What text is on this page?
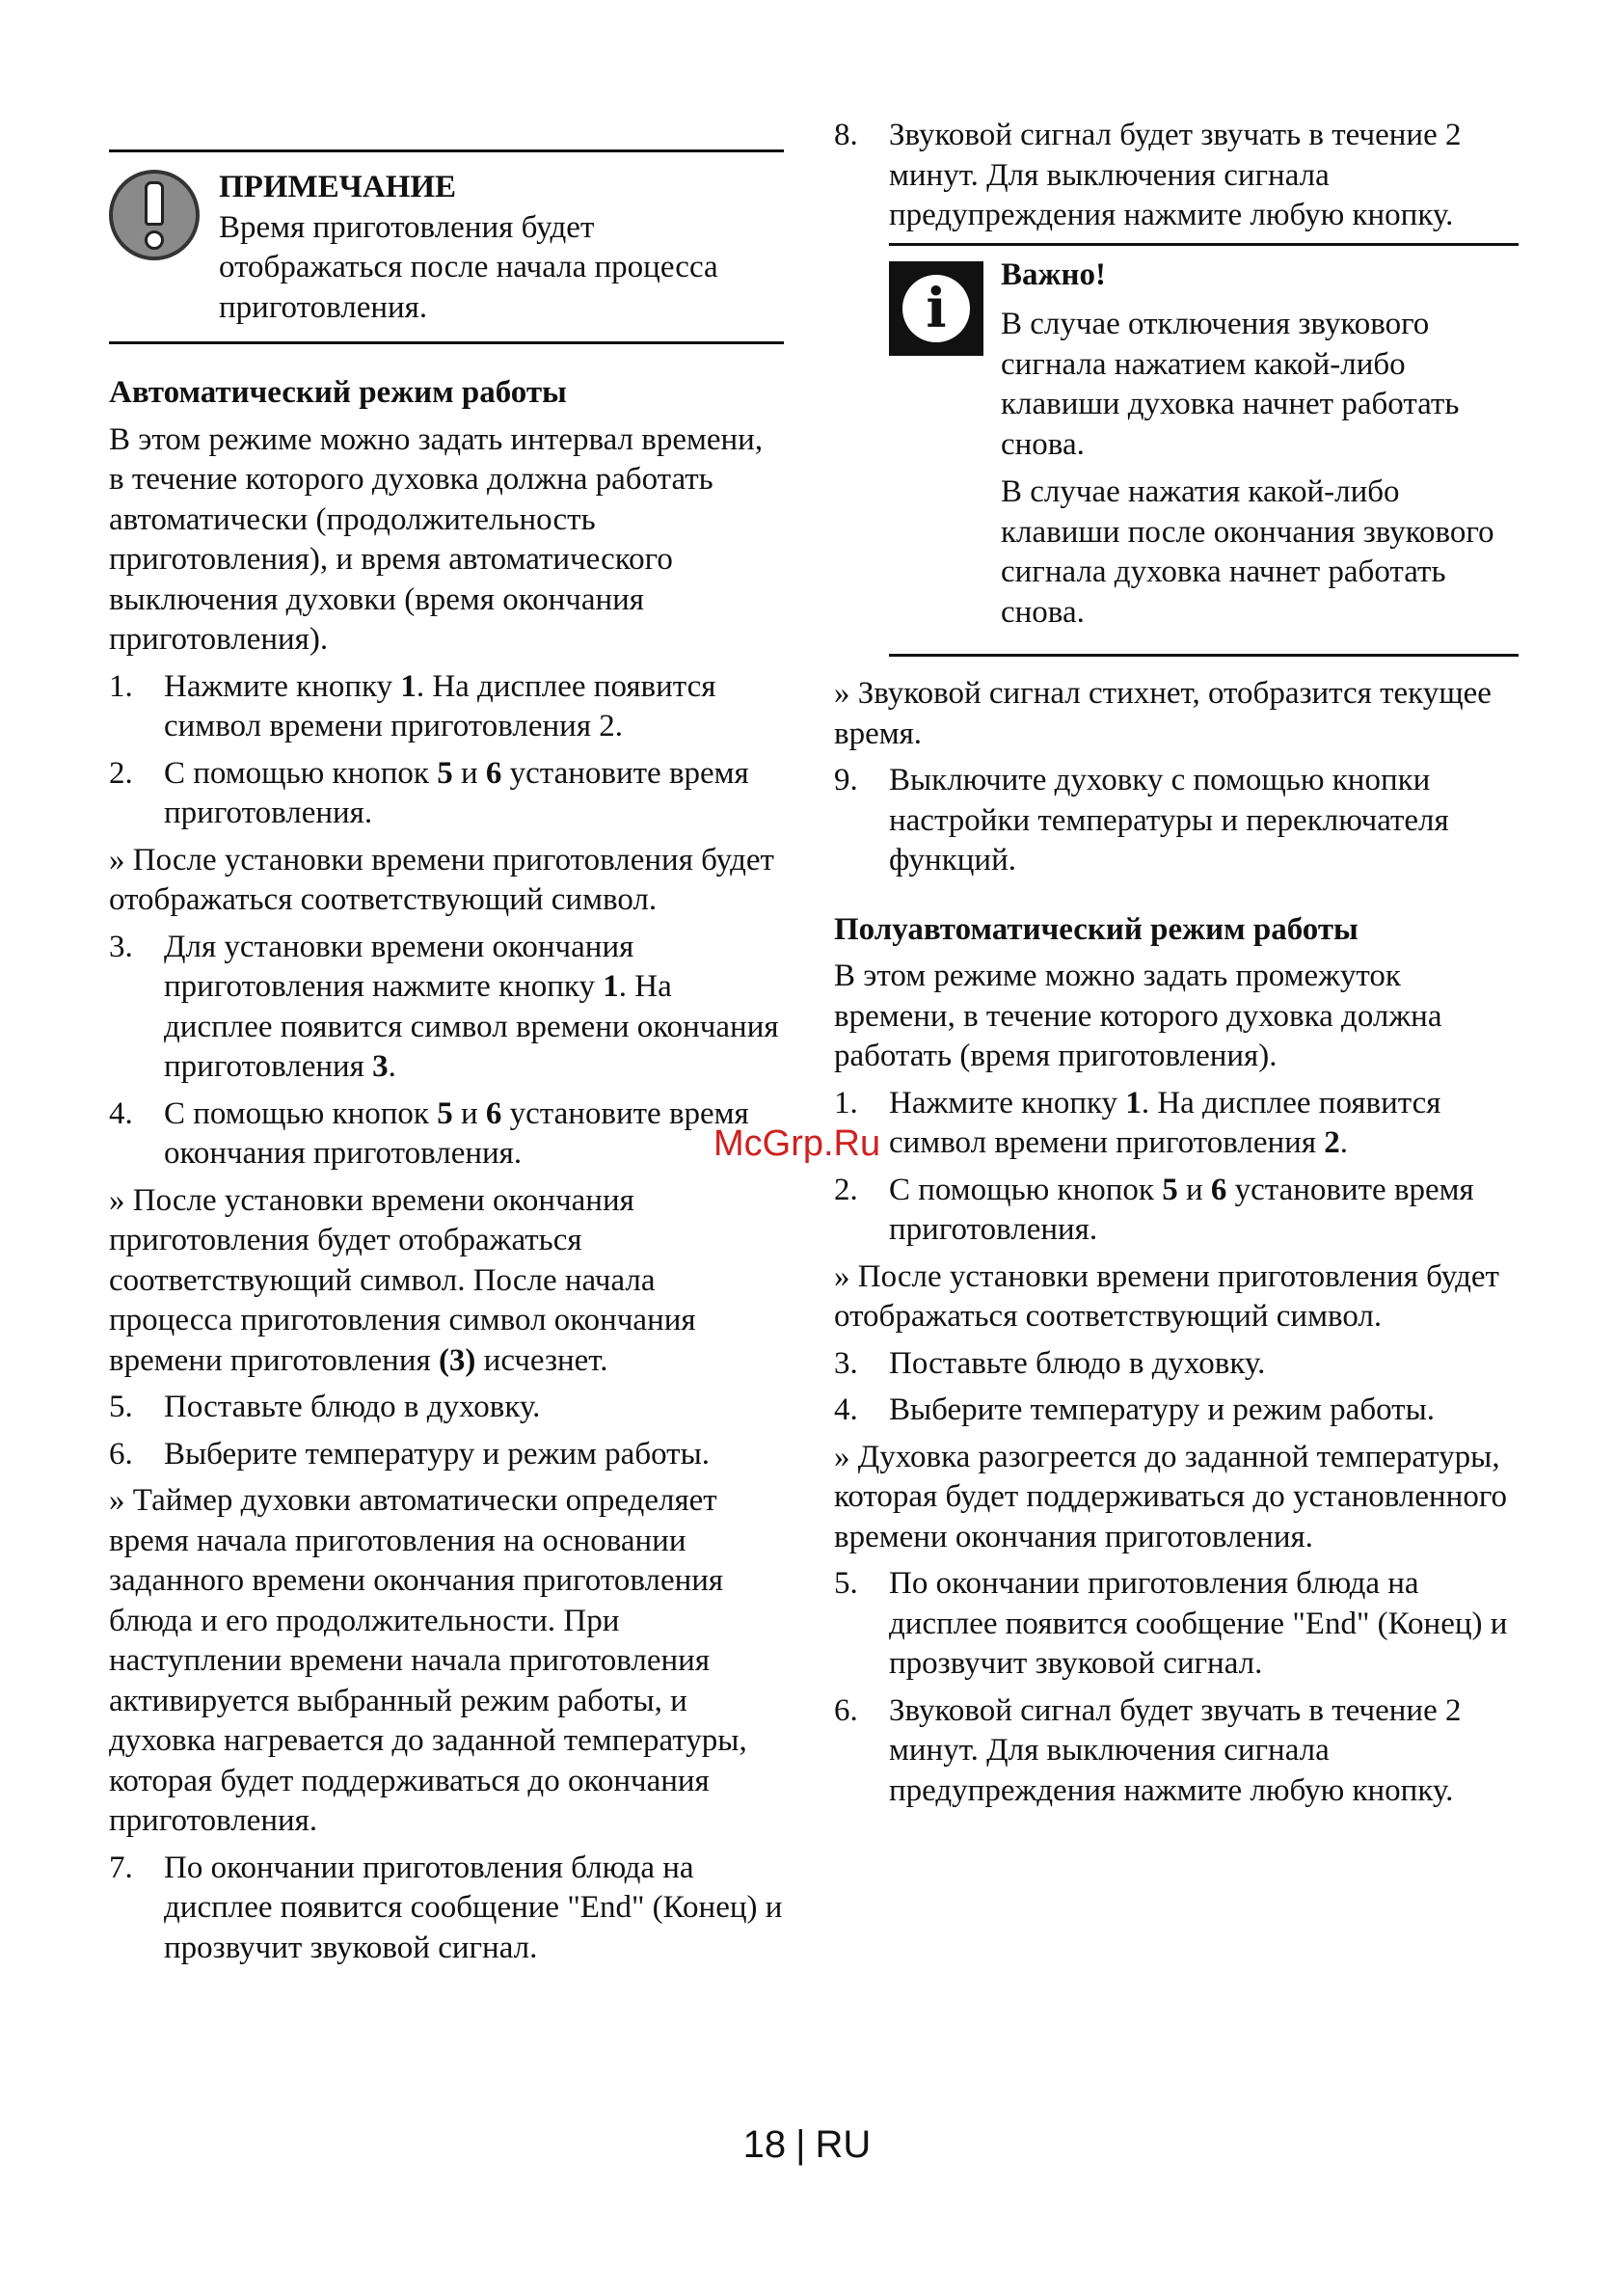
ПРИМЕЧАНИЕ

Время приготовления будет отображаться после начала процесса приготовления.

Автоматический режим работы

В этом режиме можно задать интервал времени, в течение которого духовка должна работать автоматически (продолжительность приготовления), и время автоматического выключения духовки (время окончания приготовления).

1. Нажмите кнопку 1. На дисплее появится символ времени приготовления 2.
2. С помощью кнопок 5 и 6 установите время приготовления.

» После установки времени приготовления будет отображаться соответствующий символ.

3. Для установки времени окончания приготовления нажмите кнопку 1. На дисплее появится символ времени окончания приготовления 3.
4. С помощью кнопок 5 и 6 установите время окончания приготовления.

» После установки времени окончания приготовления будет отображаться соответствующий символ. После начала процесса приготовления символ окончания времени приготовления (3) исчезнет.

5. Поставьте блюдо в духовку.
6. Выберите температуру и режим работы.

» Таймер духовки автоматически определяет время начала приготовления на основании заданного времени окончания приготовления блюда и его продолжительности. При наступлении времени начала приготовления активируется выбранный режим работы, и духовка нагревается до заданной температуры, которая будет поддерживаться до окончания приготовления.

7. По окончании приготовления блюда на дисплее появится сообщение "End" (Конец) и прозвучит звуковой сигнал.
8. Звуковой сигнал будет звучать в течение 2 минут. Для выключения сигнала предупреждения нажмите любую кнопку.
i

Важно!

В случае отключения звукового сигнала нажатием какой-либо клавиши духовка начнет работать снова.

В случае нажатия какой-либо клавиши после окончания звукового сигнала духовка начнет работать снова.

» Звуковой сигнал стихнет, отобразится текущее время.

9. Выключите духовку с помощью кнопки настройки температуры и переключателя функций.

Полуавтоматический режим работы

В этом режиме можно задать промежуток времени, в течение которого духовка должна работать (время приготовления).

1. Нажмите кнопку 1. На дисплее появится символ времени приготовления 2.
2. С помощью кнопок 5 и 6 установите время приготовления.

» После установки времени приготовления будет отображаться соответствующий символ.

3. Поставьте блюдо в духовку.
4. Выберите температуру и режим работы.

» Духовка разогреется до заданной температуры, которая будет поддерживаться до установленного времени окончания приготовления.

5. По окончании приготовления блюда на дисплее появится сообщение "End" (Конец) и прозвучит звуковой сигнал.
6. Звуковой сигнал будет звучать в течение 2 минут. Для выключения сигнала предупреждения нажмите любую кнопку.
McGrp.Ru
18 | RU
